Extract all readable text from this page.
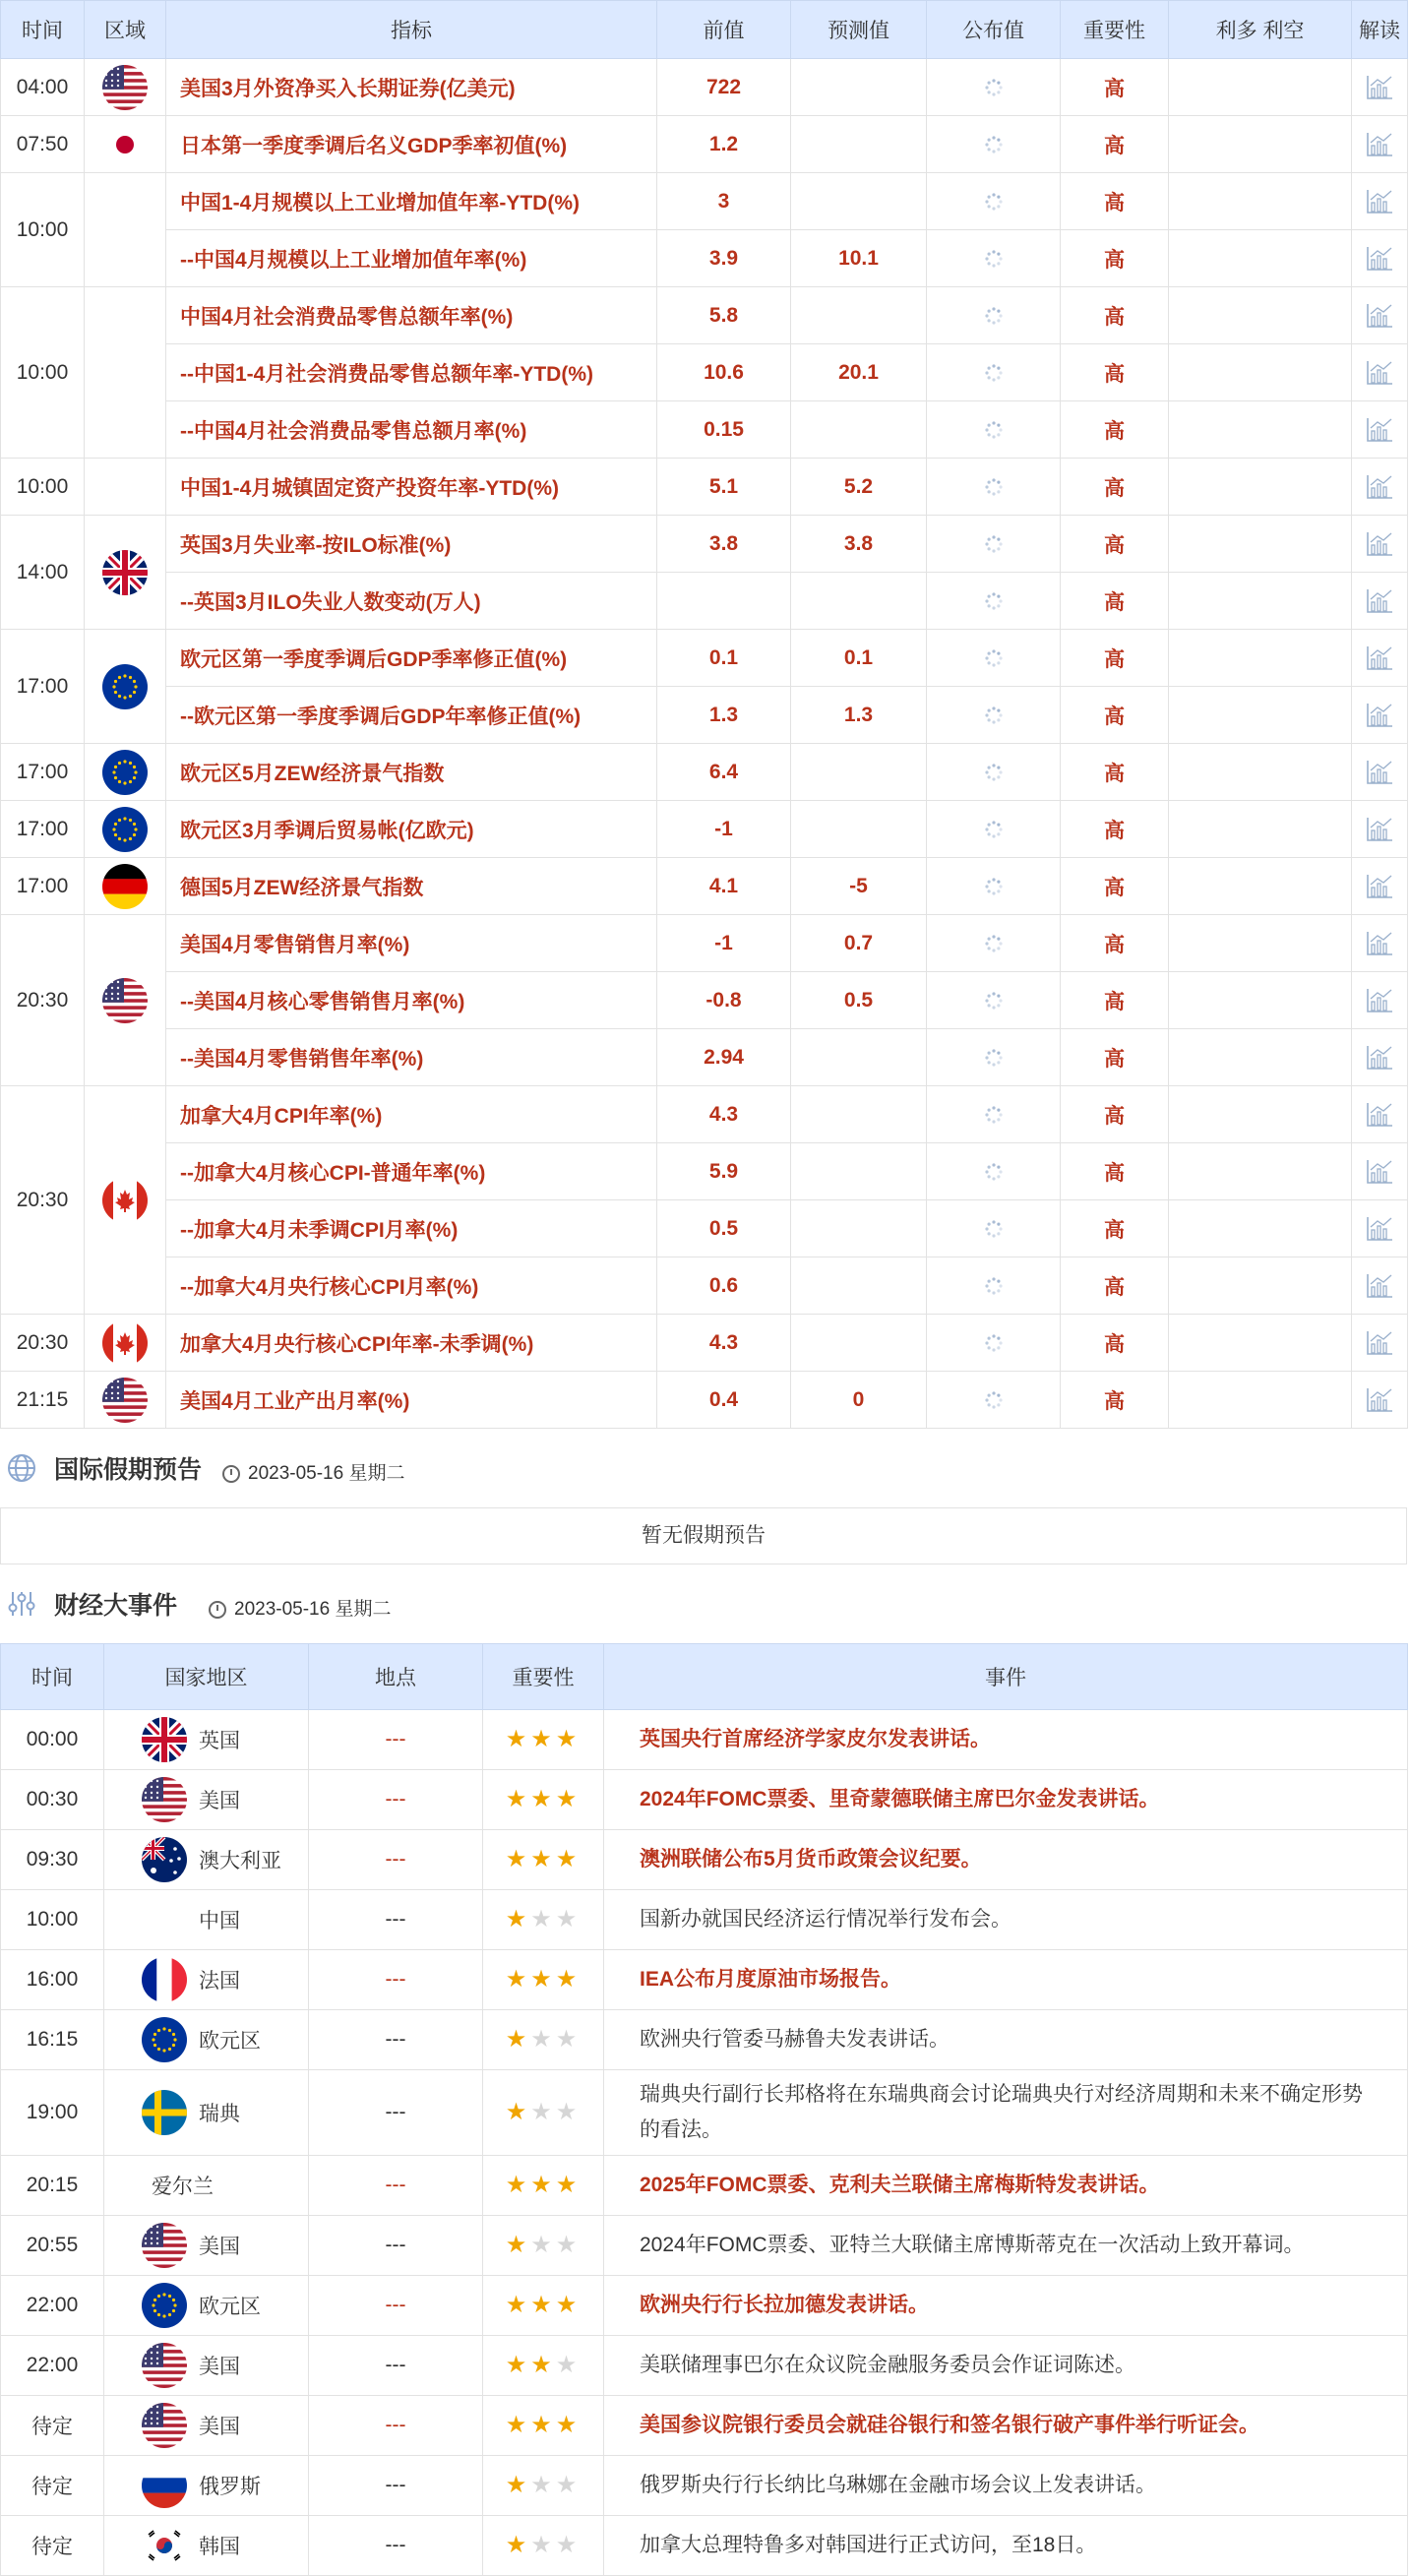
时间	区域	指标	前值	预测值	公布值	重要性	利多 利空	解读
04:00		美国3月外资净买入长期证券(亿美元)	722			高		
07:50		日本第一季度季调后名义GDP季率初值(%)	1.2			高		
10:00		中国1-4月规模以上工业增加值年率-YTD(%)	3			高		
		--中国4月规模以上工业增加值年率(%)	3.9	10.1		高		
10:00		中国4月社会消费品零售总额年率(%)	5.8			高		
		--中国1-4月社会消费品零售总额年率-YTD(%)	10.6	20.1		高		
		--中国4月社会消费品零售总额月率(%)	0.15			高		
10:00		中国1-4月城镇固定资产投资年率-YTD(%)	5.1	5.2		高		
14:00		英国3月失业率-按ILO标准(%)	3.8	3.8		高		
		--英国3月ILO失业人数变动(万人)				高		
17:00		欧元区第一季度季调后GDP季率修正值(%)	0.1	0.1		高		
		--欧元区第一季度季调后GDP年率修正值(%)	1.3	1.3		高		
17:00		欧元区5月ZEW经济景气指数	6.4			高		
17:00		欧元区3月季调后贸易帐(亿欧元)	-1			高		
17:00		德国5月ZEW经济景气指数	4.1	-5		高		
20:30		美国4月零售销售月率(%)	-1	0.7		高		
		--美国4月核心零售销售月率(%)	-0.8	0.5		高		
		--美国4月零售销售年率(%)	2.94			高		
20:30		加拿大4月CPI年率(%)	4.3			高		
		--加拿大4月核心CPI-普通年率(%)	5.9			高		
		--加拿大4月未季调CPI月率(%)	0.5			高		
		--加拿大4月央行核心CPI月率(%)	0.6			高		
20:30		加拿大4月央行核心CPI年率-未季调(%)	4.3			高		
21:15		美国4月工业产出月率(%)	0.4	0		高		
国际假期预告	2023-05-16 星期二
暂无假期预告
财经大事件	2023-05-16 星期二
时间	国家地区	地点	重要性	事件
00:00	英国	---	★★★	英国央行首席经济学家皮尔发表讲话。
00:30	美国	---	★★★	2024年FOMC票委、里奇蒙德联储主席巴尔金发表讲话。
09:30	澳大利亚	---	★★★	澳洲联储公布5月货币政策会议纪要。
10:00	中国	---	★★★	国新办就国民经济运行情况举行发布会。
16:00	法国	---	★★★	IEA公布月度原油市场报告。
16:15	欧元区	---	★★★	欧洲央行管委马赫鲁夫发表讲话。
19:00	瑞典	---	★★★	瑞典央行副行长邦格将在东瑞典商会讨论瑞典央行对经济周期和未来不确定形势的看法。
20:15	爱尔兰	---	★★★	2025年FOMC票委、克利夫兰联储主席梅斯特发表讲话。
20:55	美国	---	★★★	2024年FOMC票委、亚特兰大联储主席博斯蒂克在一次活动上致开幕词。
22:00	欧元区	---	★★★	欧洲央行行长拉加德发表讲话。
22:00	美国	---	★★★	美联储理事巴尔在众议院金融服务委员会作证词陈述。
待定	美国	---	★★★	美国参议院银行委员会就硅谷银行和签名银行破产事件举行听证会。
待定	俄罗斯	---	★★★	俄罗斯央行行长纳比乌琳娜在金融市场会议上发表讲话。
待定	韩国	---	★★★	加拿大总理特鲁多对韩国进行正式访问，至18日。
